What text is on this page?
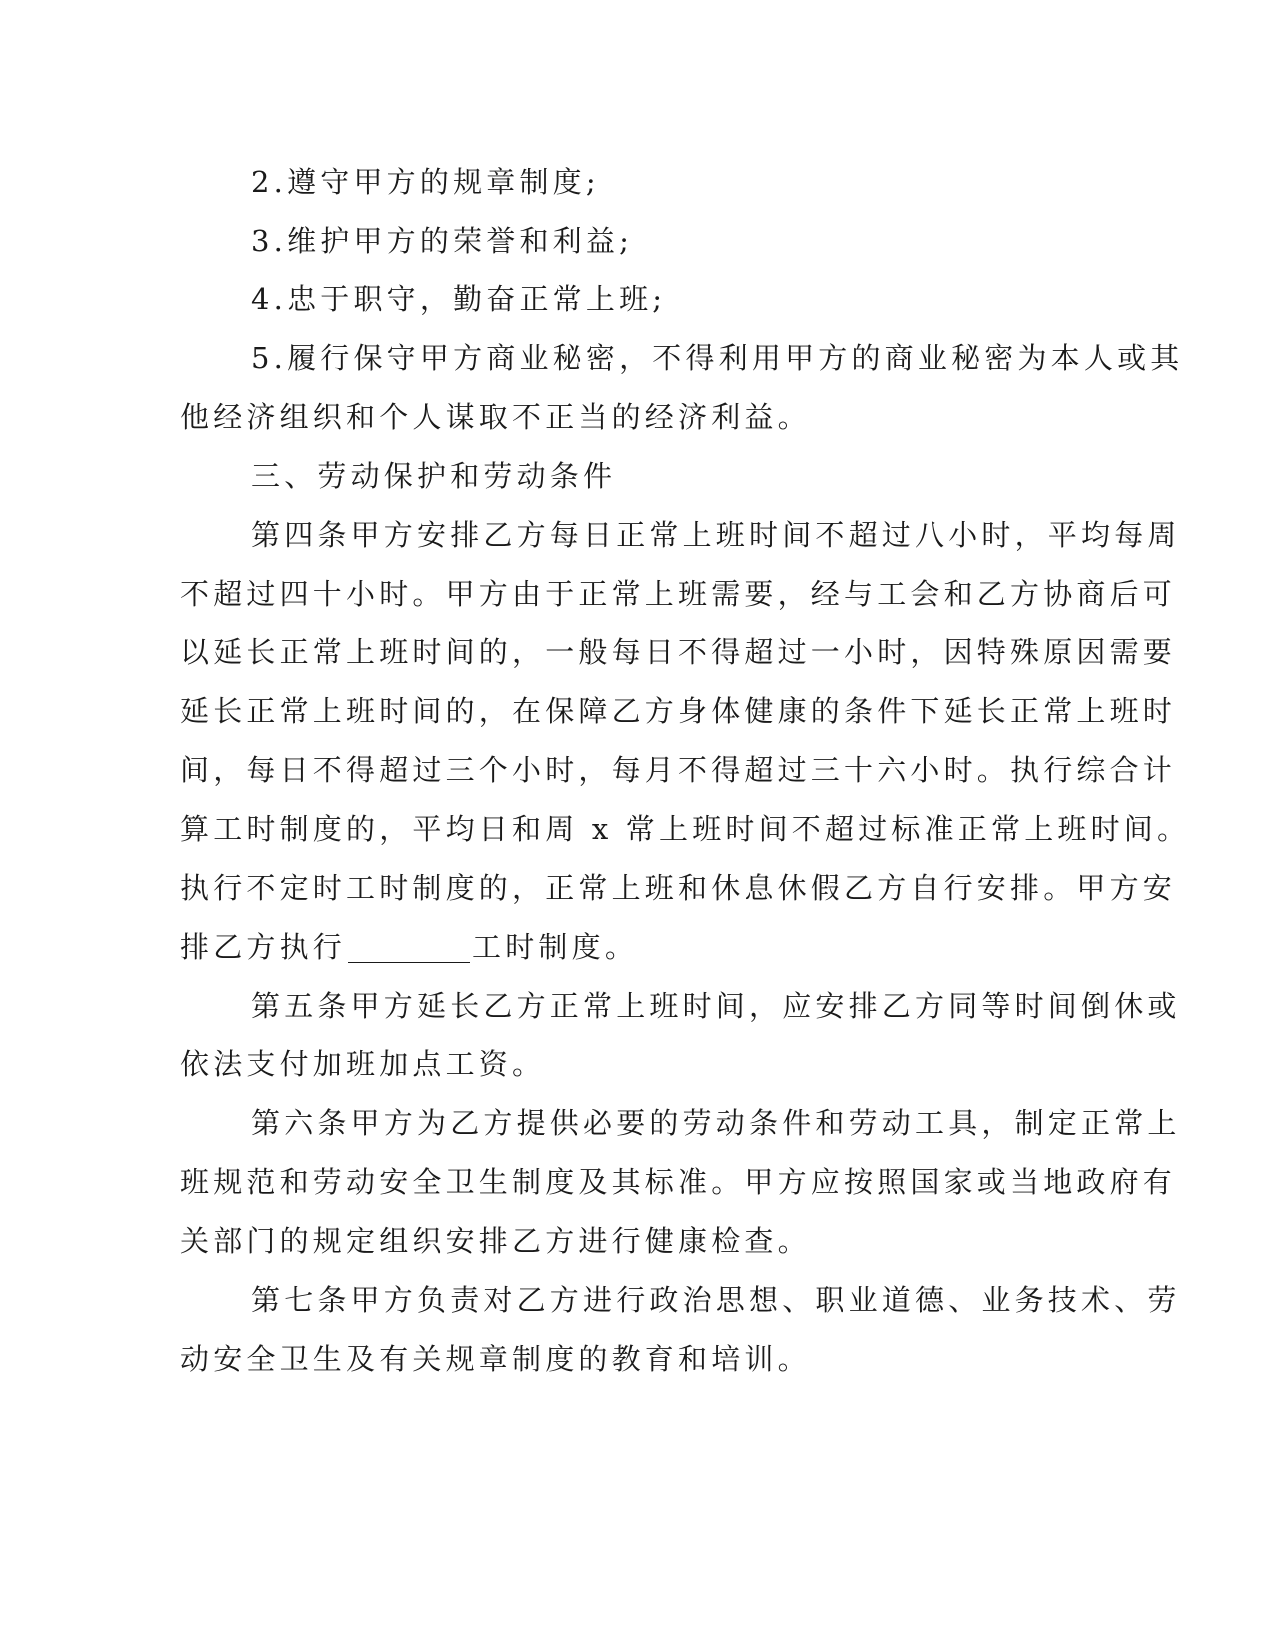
2.遵守甲方的规章制度;
3.维护甲方的荣誉和利益;
4.忠于职守，勤奋正常上班;
5.履行保守甲方商业秘密，不得利用甲方的商业秘密为本人或其
他经济组织和个人谋取不正当的经济利益。
三、劳动保护和劳动条件
第四条甲方安排乙方每日正常上班时间不超过八小时，平均每周
不超过四十小时。甲方由于正常上班需要，经与工会和乙方协商后可
以延长正常上班时间的，一般每日不得超过一小时，因特殊原因需要
延长正常上班时间的，在保障乙方身体健康的条件下延长正常上班时
间，每日不得超过三个小时，每月不得超过三十六小时。执行综合计
算工时制度的，平均日和周 x 常上班时间不超过标准正常上班时间。
执行不定时工时制度的，正常上班和休息休假乙方自行安排。甲方安
排乙方执行	工时制度。
第五条甲方延长乙方正常上班时间，应安排乙方同等时间倒休或
依法支付加班加点工资。
第六条甲方为乙方提供必要的劳动条件和劳动工具，制定正常上
班规范和劳动安全卫生制度及其标准。甲方应按照国家或当地政府有
关部门的规定组织安排乙方进行健康检查。
第七条甲方负责对乙方进行政治思想、职业道德、业务技术、劳
动安全卫生及有关规章制度的教育和培训。
